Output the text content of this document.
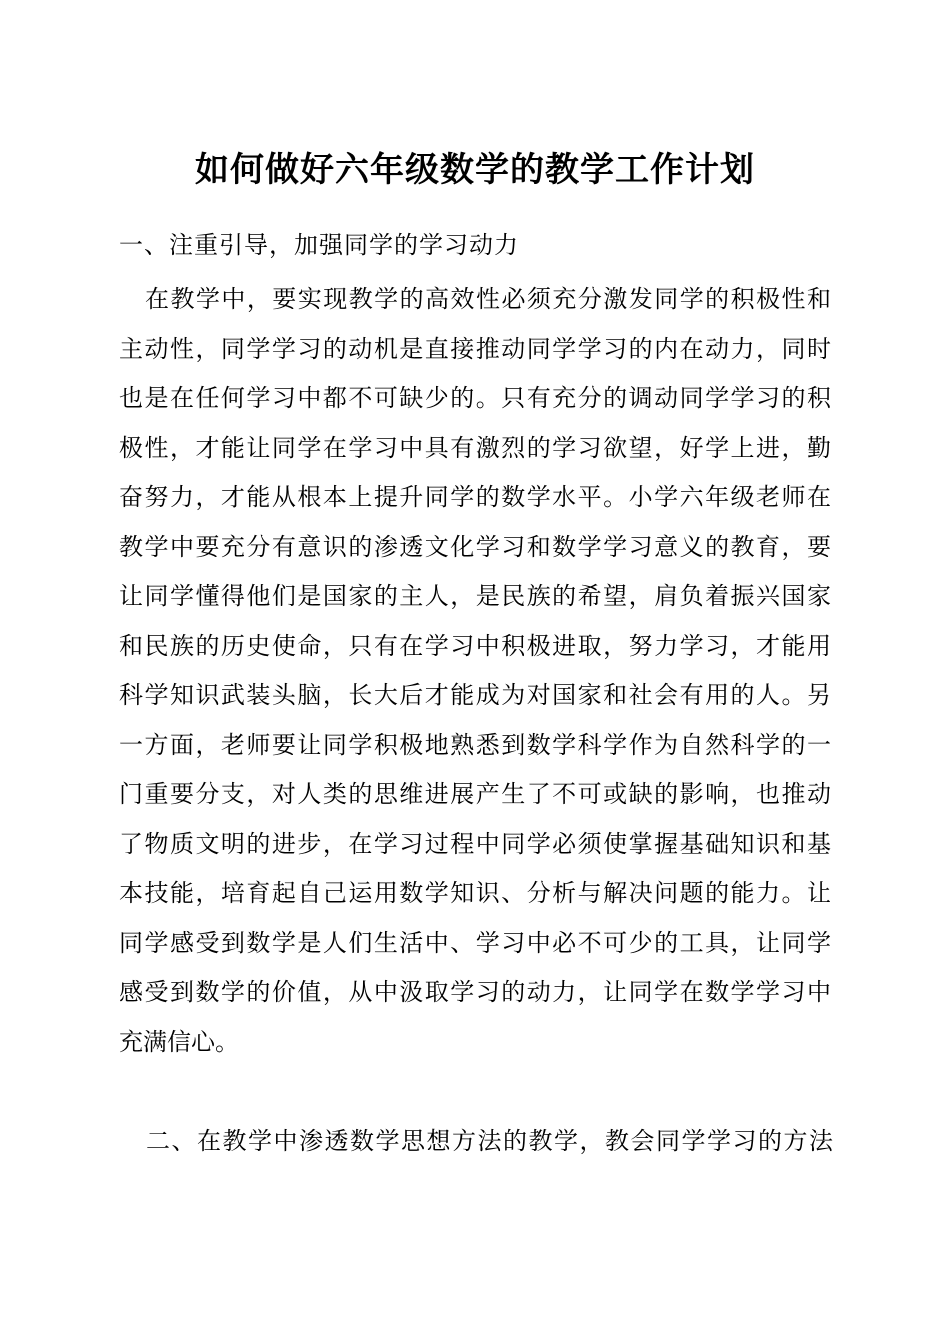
如何做好六年级数学的教学工作计划
一、注重引导，加强同学的学习动力
在教学中，要实现教学的高效性必须充分激发同学的积极性和
主动性，同学学习的动机是直接推动同学学习的内在动力，同时
也是在任何学习中都不可缺少的。只有充分的调动同学学习的积
极性，才能让同学在学习中具有激烈的学习欲望，好学上进，勤
奋努力，才能从根本上提升同学的数学水平。小学六年级老师在
教学中要充分有意识的渗透文化学习和数学学习意义的教育，要
让同学懂得他们是国家的主人，是民族的希望，肩负着振兴国家
和民族的历史使命，只有在学习中积极进取，努力学习，才能用
科学知识武装头脑，长大后才能成为对国家和社会有用的人。另
一方面，老师要让同学积极地熟悉到数学科学作为自然科学的一
门重要分支，对人类的思维进展产生了不可或缺的影响，也推动
了物质文明的进步，在学习过程中同学必须使掌握基础知识和基
本技能，培育起自己运用数学知识、分析与解决问题的能力。让
同学感受到数学是人们生活中、学习中必不可少的工具，让同学
感受到数学的价值，从中汲取学习的动力，让同学在数学学习中
充满信心。
二、在教学中渗透数学思想方法的教学，教会同学学习的方法
